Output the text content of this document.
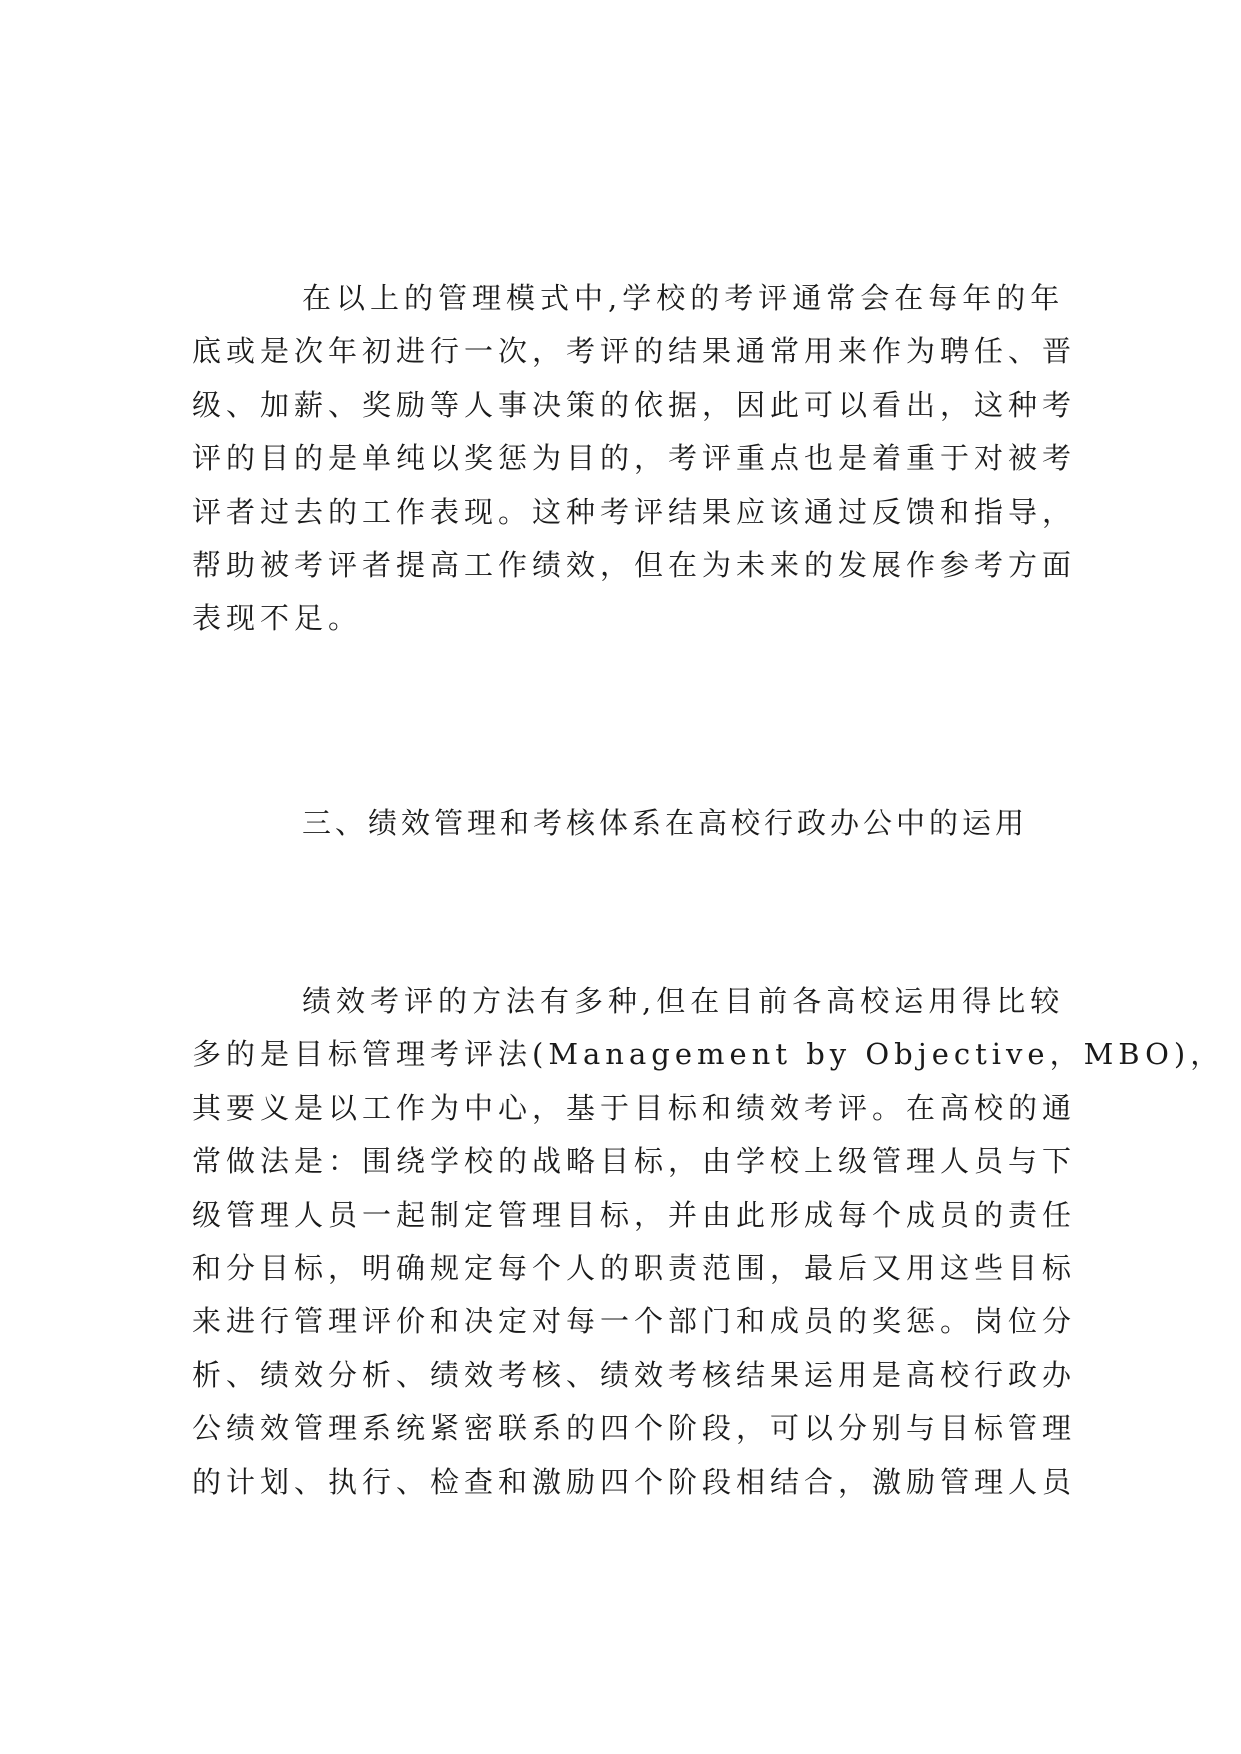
在以上的管理模式中,学校的考评通常会在每年的年
底或是次年初进行一次，考评的结果通常用来作为聘任、晋
级、加薪、奖励等人事决策的依据，因此可以看出，这种考
评的目的是单纯以奖惩为目的，考评重点也是着重于对被考
评者过去的工作表现。这种考评结果应该通过反馈和指导，
帮助被考评者提高工作绩效，但在为未来的发展作参考方面
表现不足。
三、绩效管理和考核体系在高校行政办公中的运用
绩效考评的方法有多种,但在目前各高校运用得比较
多的是目标管理考评法(Management by Objective，MBO)，
其要义是以工作为中心，基于目标和绩效考评。在高校的通
常做法是：围绕学校的战略目标，由学校上级管理人员与下
级管理人员一起制定管理目标，并由此形成每个成员的责任
和分目标，明确规定每个人的职责范围，最后又用这些目标
来进行管理评价和决定对每一个部门和成员的奖惩。岗位分
析、绩效分析、绩效考核、绩效考核结果运用是高校行政办
公绩效管理系统紧密联系的四个阶段，可以分别与目标管理
的计划、执行、检查和激励四个阶段相结合，激励管理人员
